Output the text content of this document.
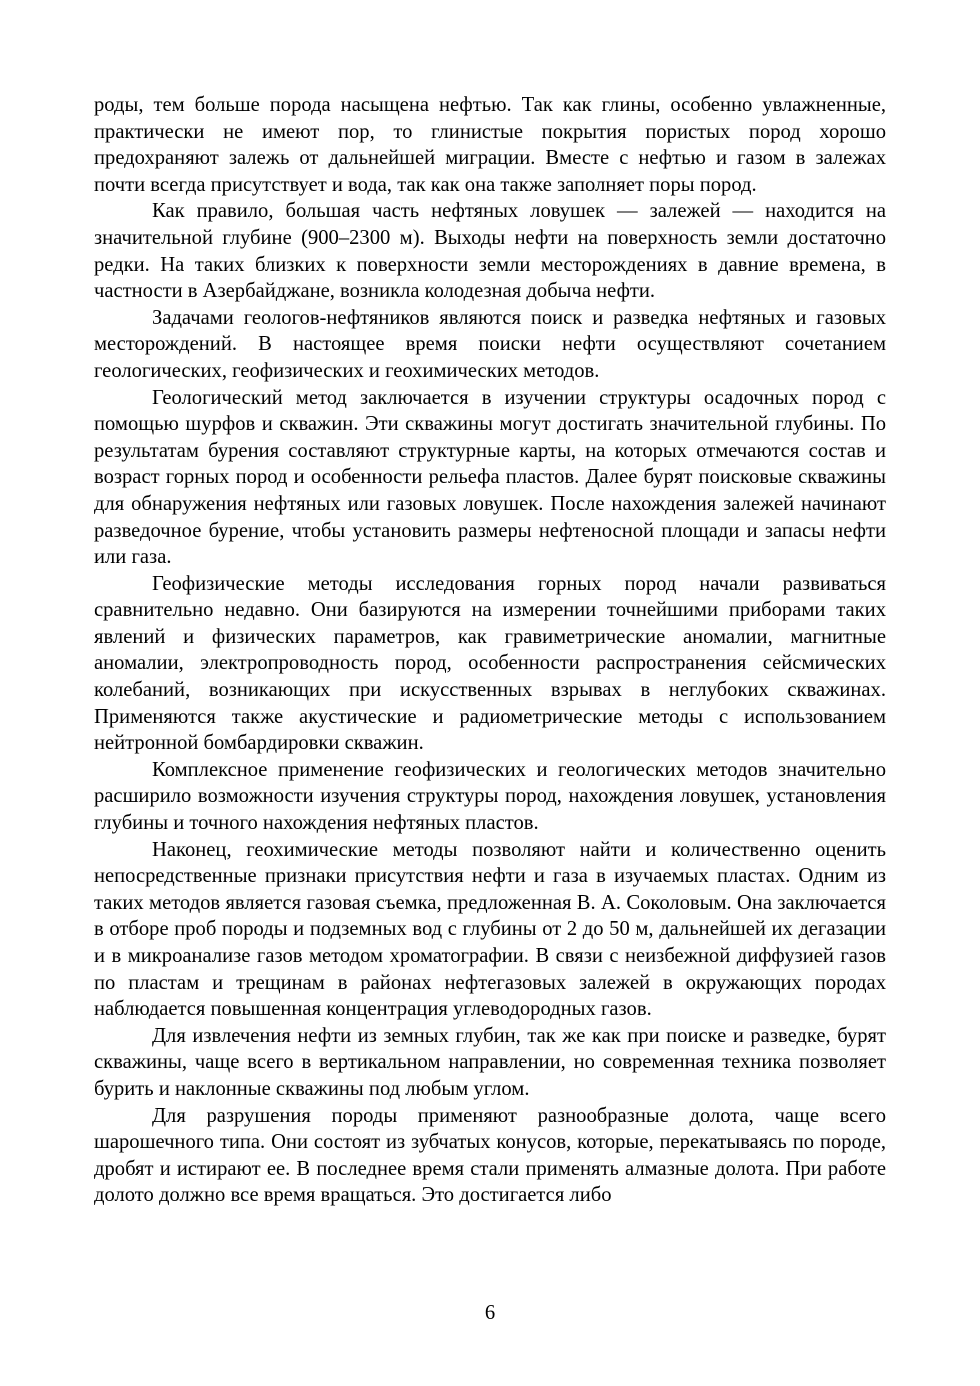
роды, тем больше порода насыщена нефтью. Так как глины, особенно увлажненные, практически не имеют пор, то глинистые покрытия пористых пород хорошо предохраняют залежь от дальнейшей миграции. Вместе с нефтью и газом в залежах почти всегда присутствует и вода, так как она также заполняет поры пород.

Как правило, большая часть нефтяных ловушек — залежей — находится на значительной глубине (900–2300 м). Выходы нефти на поверхность земли достаточно редки. На таких близких к поверхности земли месторождениях в давние времена, в частности в Азербайджане, возникла колодезная добыча нефти.

Задачами геологов-нефтяников являются поиск и разведка нефтяных и газовых месторождений. В настоящее время поиски нефти осуществляют сочетанием геологических, геофизических и геохимических методов.

Геологический метод заключается в изучении структуры осадочных пород с помощью шурфов и скважин. Эти скважины могут достигать значительной глубины. По результатам бурения составляют структурные карты, на которых отмечаются состав и возраст горных пород и особенности рельефа пластов. Далее бурят поисковые скважины для обнаружения нефтяных или газовых ловушек. После нахождения залежей начинают разведочное бурение, чтобы установить размеры нефтеносной площади и запасы нефти или газа.

Геофизические методы исследования горных пород начали развиваться сравнительно недавно. Они базируются на измерении точнейшими приборами таких явлений и физических параметров, как гравиметрические аномалии, магнитные аномалии, электропроводность пород, особенности распространения сейсмических колебаний, возникающих при искусственных взрывах в неглубоких скважинах. Применяются также акустические и радиометрические методы с использованием нейтронной бомбардировки скважин.

Комплексное применение геофизических и геологических методов значительно расширило возможности изучения структуры пород, нахождения ловушек, установления глубины и точного нахождения нефтяных пластов.

Наконец, геохимические методы позволяют найти и количественно оценить непосредственные признаки присутствия нефти и газа в изучаемых пластах. Одним из таких методов является газовая съемка, предложенная В. А. Соколовым. Она заключается в отборе проб породы и подземных вод с глубины от 2 до 50 м, дальнейшей их дегазации и в микроанализе газов методом хроматографии. В связи с неизбежной диффузией газов по пластам и трещинам в районах нефтегазовых залежей в окружающих породах наблюдается повышенная концентрация углеводородных газов.

Для извлечения нефти из земных глубин, так же как при поиске и разведке, бурят скважины, чаще всего в вертикальном направлении, но современная техника позволяет бурить и наклонные скважины под любым углом.

Для разрушения породы применяют разнообразные долота, чаще всего шарошечного типа. Они состоят из зубчатых конусов, которые, перекатываясь по породе, дробят и истирают ее. В последнее время стали применять алмазные долота. При работе долото должно все время вращаться. Это достигается либо

6
